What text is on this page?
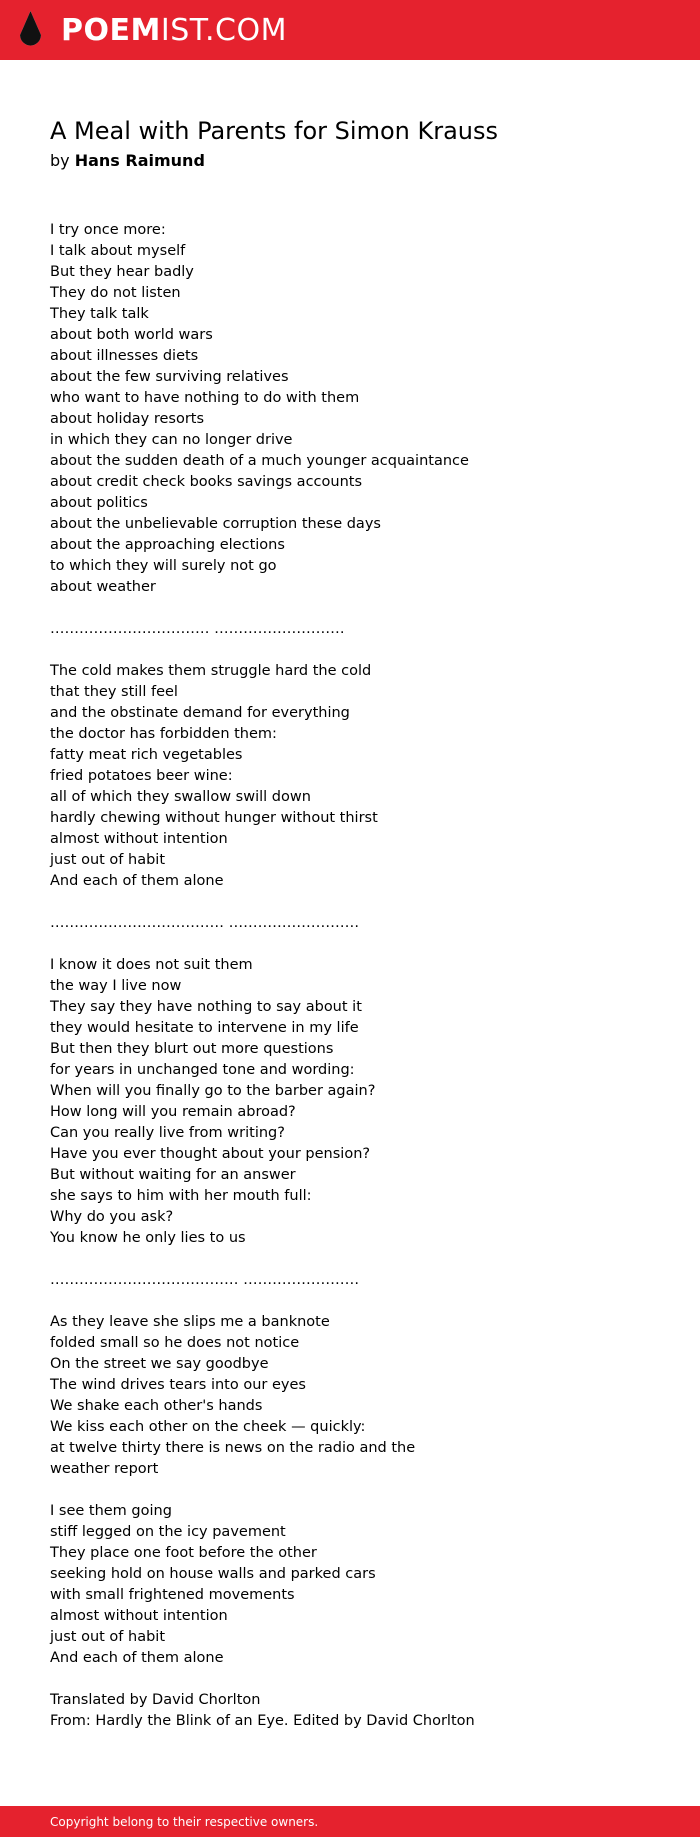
POEMIST.COM
A Meal with Parents for Simon Krauss
by Hans Raimund
I try once more:
I talk about myself
But they hear badly
They do not listen
They talk talk
about both world wars
about illnesses diets
about the few surviving relatives
who want to have nothing to do with them
about holiday resorts
in which they can no longer drive
about the sudden death of a much younger acquaintance
about credit check books savings accounts
about politics
about the unbelievable corruption these days
about the approaching elections
to which they will surely not go
about weather
…………………………… ………………………
The cold makes them struggle hard the cold
that they still feel
and the obstinate demand for everything
the doctor has forbidden them:
fatty meat rich vegetables
fried potatoes beer wine:
all of which they swallow swill down
hardly chewing without hunger without thirst
almost without intention
just out of habit
And each of them alone
……………………………… ………………………
I know it does not suit them
the way I live now
They say they have nothing to say about it
they would hesitate to intervene in my life
But then they blurt out more questions
for years in unchanged tone and wording:
When will you finally go to the barber again?
How long will you remain abroad?
Can you really live from writing?
Have you ever thought about your pension?
But without waiting for an answer
she says to him with her mouth full:
Why do you ask?
You know he only lies to us
………………………………… ……………………
As they leave she slips me a banknote
folded small so he does not notice
On the street we say goodbye
The wind drives tears into our eyes
We shake each other's hands
We kiss each other on the cheek — quickly:
at twelve thirty there is news on the radio and the
weather report
I see them going
stiff legged on the icy pavement
They place one foot before the other
seeking hold on house walls and parked cars
with small frightened movements
almost without intention
just out of habit
And each of them alone
Translated by David Chorlton
From: Hardly the Blink of an Eye. Edited by David Chorlton
Copyright belong to their respective owners.
